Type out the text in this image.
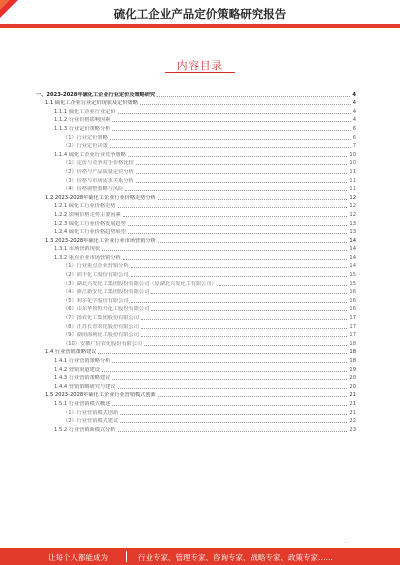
硫化工企业产品定价策略研究报告
内容目录
一、2023-2028年硫化工企业行业定价及策略研究	4
1.1 硫化工企业行业定价现状及定价策略	4
1.1.1 硫化工企业行业定价	4
1.1.2 行业价格影响因素	4
1.1.3 行业定价策略分析	6
（1）行业定价策略	6
（2）行业定价决策	7
1.1.4 硫化工企业行业竞争策略	10
（1）定价与竞争对手价格比较	10
（2）价格与产品质量定位分析	11
（3）价格与市场需求关系分析	11
（4）价格调整策略与风险	11
1.2 2023-2028年硫化工企业行业价格走势分析	12
1.2.1 硫化工行业价格走势	12
1.2.2 影响价格走势主要因素	12
1.2.3 硫化工行业价格发展趋势	13
1.2.4 硫化工行业价格趋势展望	13
1.3 2023-2028年硫化工企业行业市场营销分析	14
1.3.1 市场营销现状	14
1.3.2 重点企业市场营销分析	14
（1）行业重点企业营销分析	14
（2）润丰化工股份有限公司	15
（3）湖北兴发化工集团股份有限公司（原湖北兴发化工有限公司）	15
（4）浙江新安化工集团股份有限公司	16
（5）利尔化学股份有限公司	16
（6）山东华鲁恒升化工股份有限公司	16
（7）扬农化工集团股份有限公司	17
（8）江苏长青农化股份有限公司	17
（9）湖南海利化工股份有限公司	17
（10）安徽广信农化股份有限公司	18
1.4 行业营销策略建议	18
1.4.1 行业营销策略分析	18
1.4.2 营销渠道建设	19
1.4.3 行业营销策略建议	20
1.4.4 营销策略研究与建议	20
1.5 2023-2028年硫化工企业行业营销模式创新	21
1.5.1 行业营销模式概述	21
（1）行业营销模式创新	21
（2）行业营销模式建议	22
1.5.2 行业营销新模式分析	23
-
让每个人都能成为	行业专家、管理专家、咨询专家、战略专家、政策专家……
